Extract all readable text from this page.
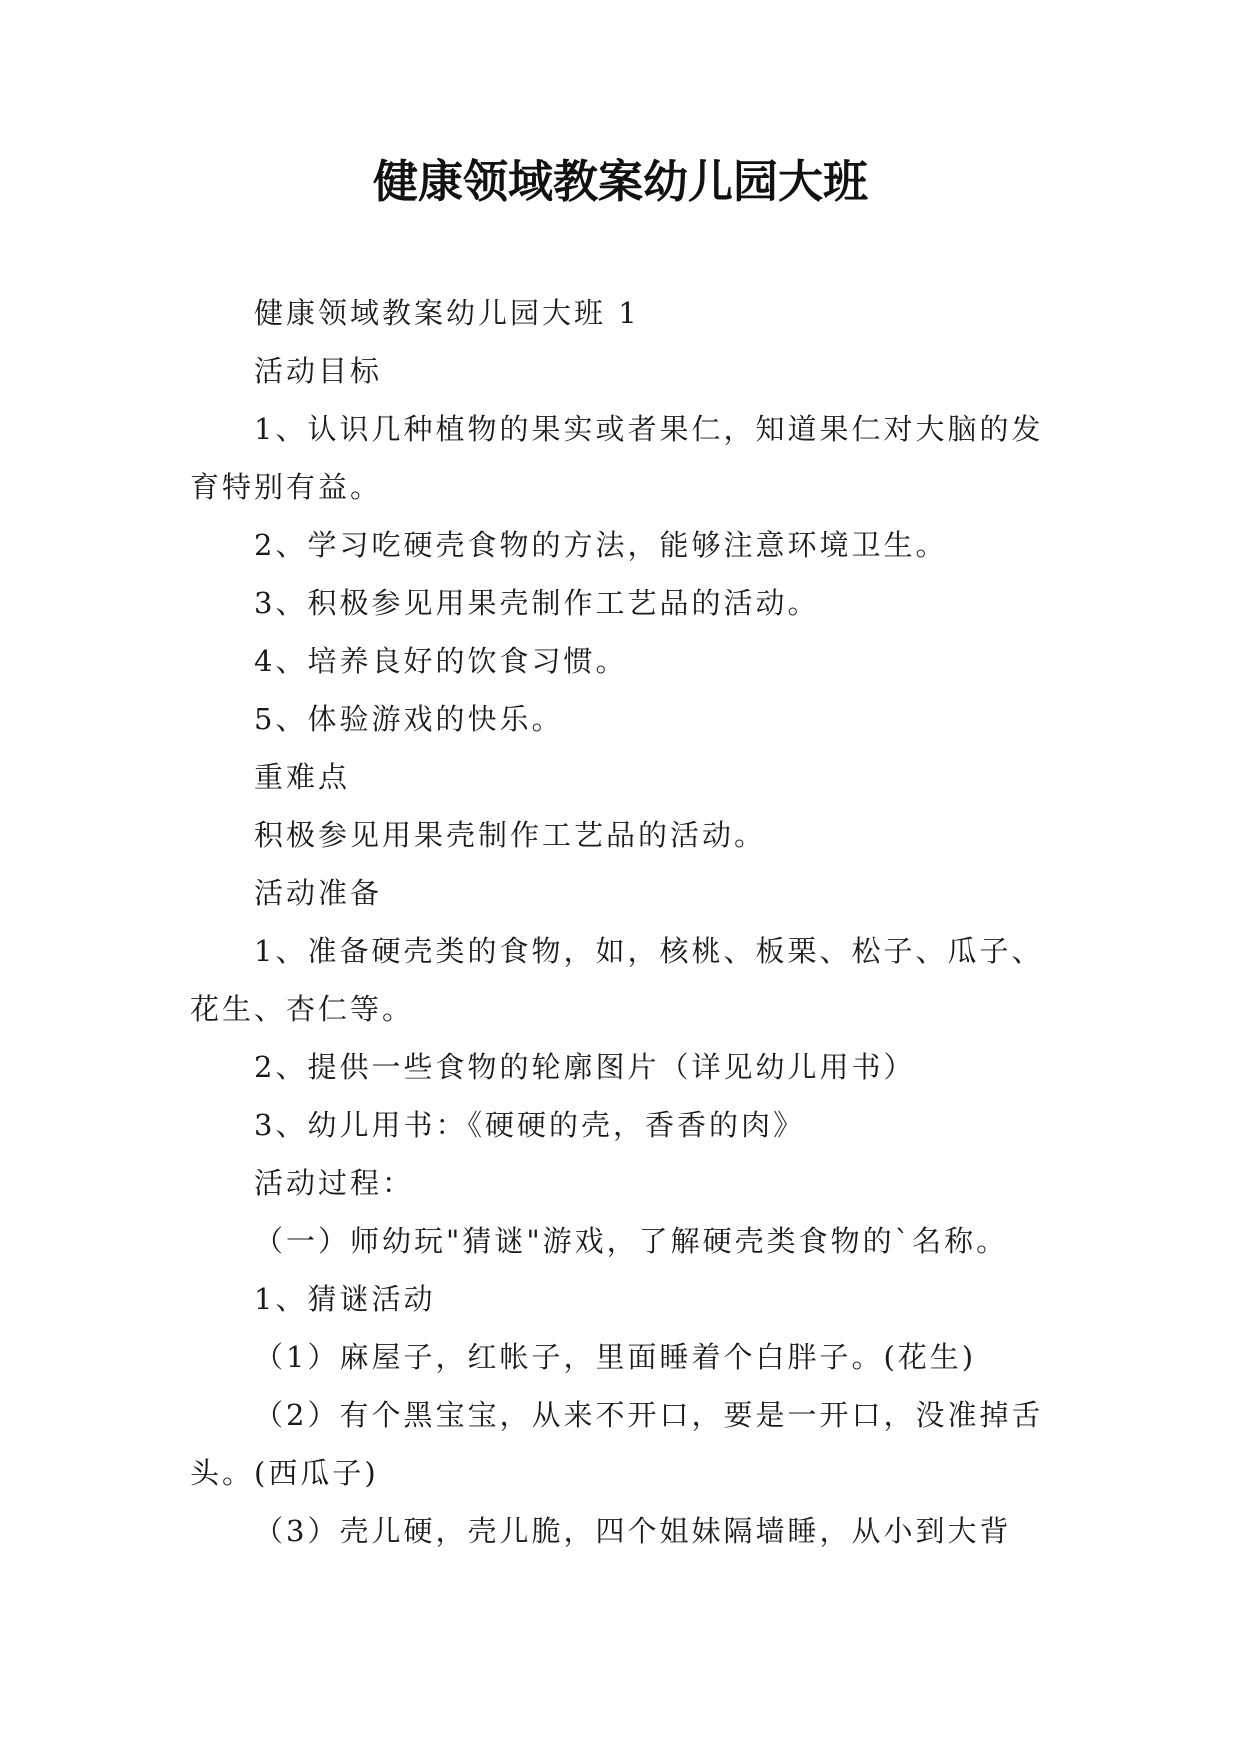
健康领域教案幼儿园大班

健康领域教案幼儿园大班 1

活动目标

1、认识几种植物的果实或者果仁，知道果仁对大脑的发育特别有益。

2、学习吃硬壳食物的方法，能够注意环境卫生。

3、积极参见用果壳制作工艺品的活动。

4、培养良好的饮食习惯。

5、体验游戏的快乐。

重难点

积极参见用果壳制作工艺品的活动。

活动准备

1、准备硬壳类的食物，如，核桃、板栗、松子、瓜子、花生、杏仁等。

2、提供一些食物的轮廓图片（详见幼儿用书）

3、幼儿用书：《硬硬的壳，香香的肉》

活动过程：

（一）师幼玩"猜谜"游戏，了解硬壳类食物的`名称。

1、猜谜活动

（1）麻屋子，红帐子，里面睡着个白胖子。(花生)

（2）有个黑宝宝，从来不开口，要是一开口，没准掉舌头。(西瓜子)

（3）壳儿硬，壳儿脆，四个姐妹隔墙睡，从小到大背
